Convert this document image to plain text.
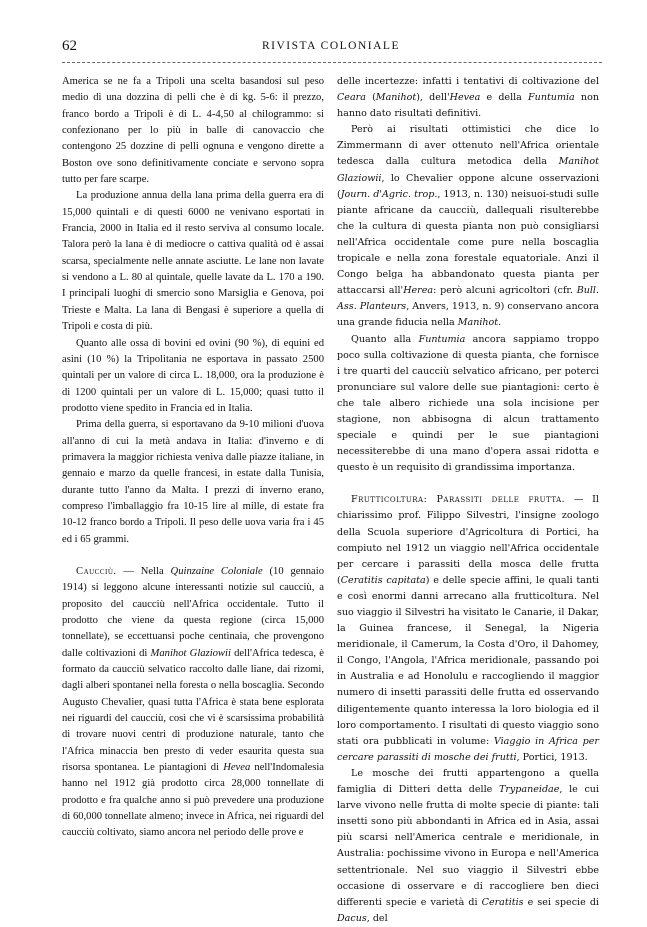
62	RIVISTA COLONIALE

America se ne fa a Tripoli una scelta basandosi sul peso medio di una dozzina di pelli che è di kg. 5-6: il prezzo, franco bordo a Tripoli è di L. 4-4,50 al chilogrammo: si confezionano per lo più in balle di canovaccio che contengono 25 dozzine di pelli ognuna e vengono dirette a Boston ove sono definitivamente conciate e servono sopra tutto per fare scarpe.

La produzione annua della lana prima della guerra era di 15,000 quintali e di questi 6000 ne venivano esportati in Francia, 2000 in Italia ed il resto serviva al consumo locale. Talora però la lana è di mediocre o cattiva qualità od è assai scarsa, specialmente nelle annate asciutte. Le lane non lavate si vendono a L. 80 al quintale, quelle lavate da L. 170 a 190. I principali luoghi di smercio sono Marsiglia e Genova, poi Trieste e Malta. La lana di Bengasi è superiore a quella di Tripoli e costa di più.

Quanto alle ossa di bovini ed ovini (90 %), di equini ed asini (10 %) la Tripolitania ne esportava in passato 2500 quintali per un valore di circa L. 18,000, ora la produzione è di 1200 quintali per un valore di L. 15,000; quasi tutto il prodotto viene spedito in Francia ed in Italia.

Prima della guerra, si esportavano da 9-10 milioni d'uova all'anno di cui la metà andava in Italia: d'inverno e di primavera la maggior richiesta veniva dalle piazze italiane, in gennaio e marzo da quelle francesi, in estate dalla Tunisia, durante tutto l'anno da Malta. I prezzi di inverno erano, compreso l'imballaggio fra 10-15 lire al mille, di estate fra 10-12 franco bordo a Tripoli. Il peso delle uova varia fra i 45 ed i 65 grammi.

Caucciù. — Nella Quinzaine Coloniale (10 gennaio 1914) si leggono alcune interessanti notizie sul caucciù, a proposito del caucciù nell'Africa occidentale. Tutto il prodotto che viene da questa regione (circa 15,000 tonnellate), se eccettuansi poche centinaia, che provengono dalle coltivazioni di Manihot Glaziowii dell'Africa tedesca, è formato da caucciù selvatico raccolto dalle liane, dai rizomi, dagli alberi spontanei nella foresta o nella boscaglia. Secondo Augusto Chevalier, quasi tutta l'Africa è stata bene esplorata nei riguardi del caucciù, così che vi è scarsissima probabilità di trovare nuovi centri di produzione naturale, tanto che l'Africa minaccia ben presto di veder esaurita questa sua risorsa spontanea. Le piantagioni di Hevea nell'Indomalesia hanno nel 1912 già prodotto circa 28,000 tonnellate di prodotto e fra qualche anno si può prevedere una produzione di 60,000 tonnellate almeno; invece in Africa, nei riguardi del caucciù coltivato, siamo ancora nel periodo delle prove e

delle incertezze: infatti i tentativi di coltivazione del Ceara (Manihot), dell'Hevea e della Funtumia non hanno dato risultati definitivi.

Però ai risultati ottimistici che dice lo Zimmermann di aver ottenuto nell'Africa orientale tedesca dalla cultura metodica della Manihot Glaziowii, lo Chevalier oppone alcune osservazioni (Journ. d'Agric. trop., 1913, n. 130) neisuoi-studi sulle piante africane da caucciù, dallequali risulterebbe che la cultura di questa pianta non può consigliarsi nell'Africa occidentale come pure nella boscaglia tropicale e nella zona forestale equatoriale. Anzi il Congo belga ha abbandonato questa pianta per attaccarsi all'Herea: però alcuni agricoltori (cfr. Bull. Ass. Planteurs, Anvers, 1913, n. 9) conservano ancora una grande fiducia nella Manihot.

Quanto alla Funtumia ancora sappiamo troppo poco sulla coltivazione di questa pianta, che fornisce i tre quarti del caucciù selvatico africano, per poterci pronunciare sul valore delle sue piantagioni: certo è che tale albero richiede una sola incisione per stagione, non abbisogna di alcun trattamento speciale e quindi per le sue piantagioni necessiterebbe di una mano d'opera assai ridotta e questo è un requisito di grandissima importanza.

Frutticoltura: Parassiti delle frutta. — Il chiarissimo prof. Filippo Silvestri, l'insigne zoologo della Scuola superiore d'Agricoltura di Portici, ha compiuto nel 1912 un viaggio nell'Africa occidentale per cercare i parassiti della mosca delle frutta (Ceratitis capitata) e delle specie affini, le quali tanti e così enormi danni arrecano alla frutticoltura. Nel suo viaggio il Silvestri ha visitato le Canarie, il Dakar, la Guinea francese, il Senegal, la Nigeria meridionale, il Camerum, la Costa d'Oro, il Dahomey, il Congo, l'Angola, l'Africa meridionale, passando poi in Australia e ad Honolulu e raccogliendo il maggior numero di insetti parassiti delle frutta ed osservando diligentemente quanto interessa la loro biologia ed il loro comportamento. I risultati di questo viaggio sono stati ora pubblicati in volume: Viaggio in Africa per cercare parassiti di mosche dei frutti, Portici, 1913.

Le mosche dei frutti appartengono a quella famiglia di Ditteri detta delle Trypaneidae, le cui larve vivono nelle frutta di molte specie di piante: tali insetti sono più abbondanti in Africa ed in Asia, assai più scarsi nell'America centrale e meridionale, in Australia: pochissime vivono in Europa e nell'America settentrionale. Nel suo viaggio il Silvestri ebbe occasione di osservare e di raccogliere ben dieci differenti specie e varietà di Ceratitis e sei specie di Dacus, del
